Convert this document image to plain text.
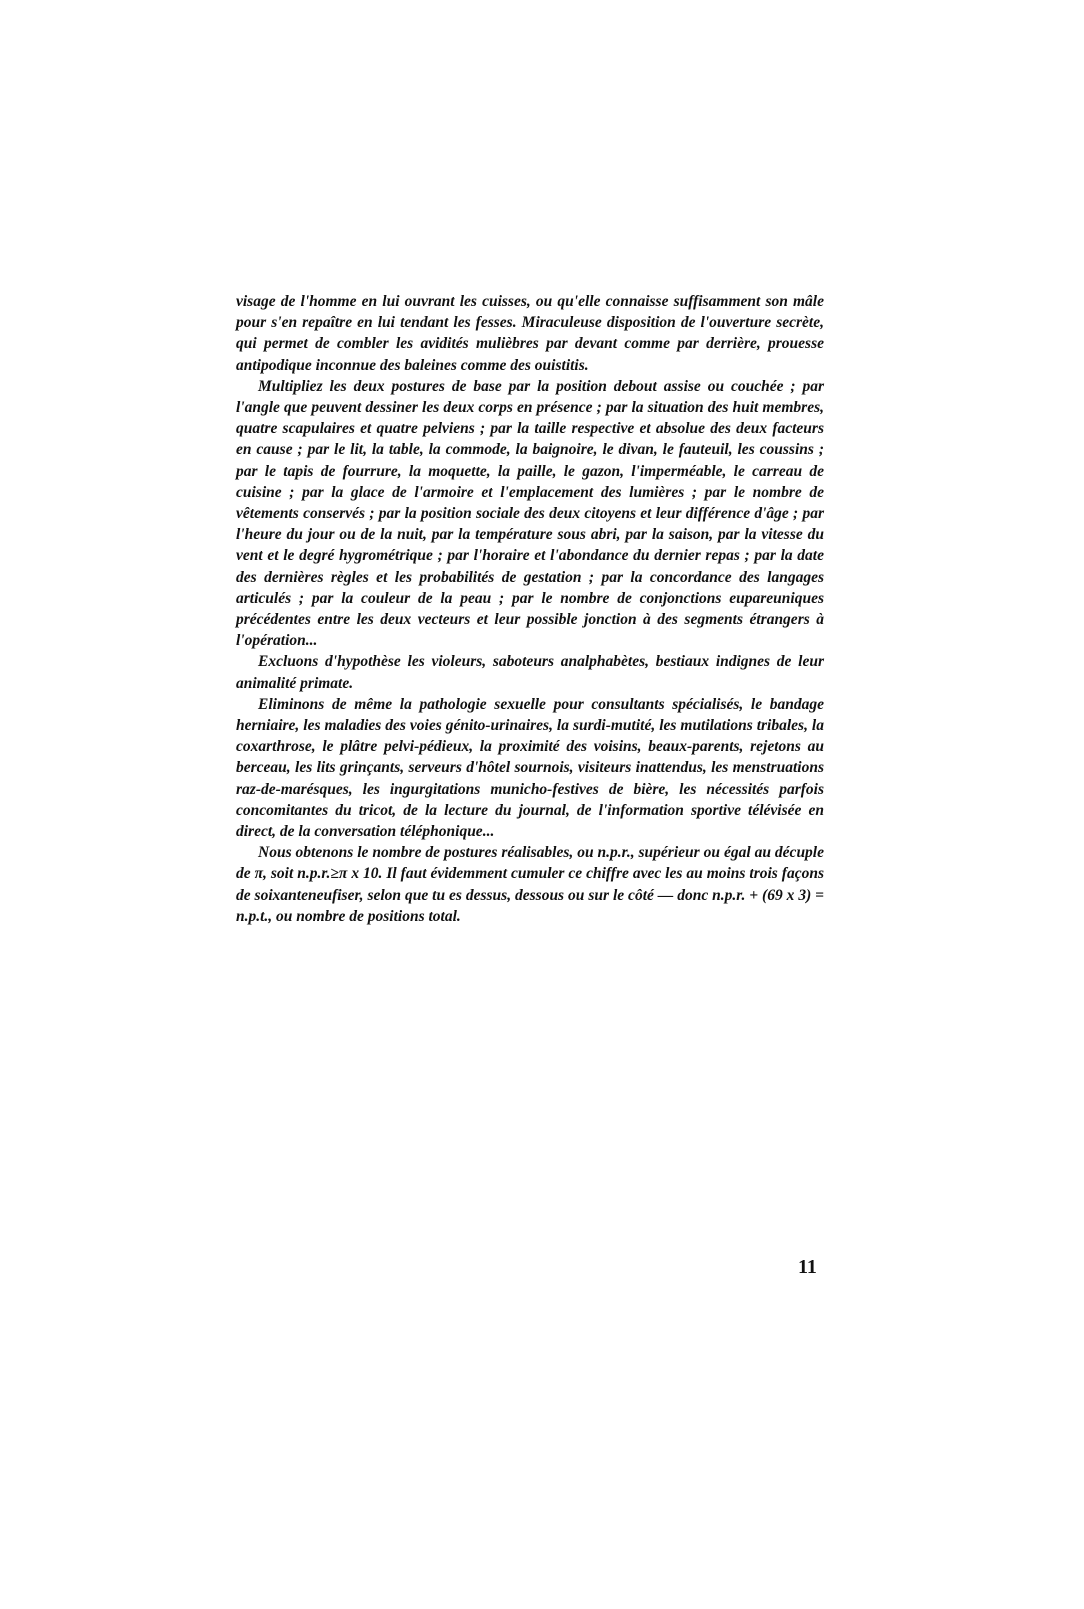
visage de l'homme en lui ouvrant les cuisses, ou qu'elle connaisse suffisamment son mâle pour s'en repaître en lui tendant les fesses. Miraculeuse disposition de l'ouverture secrète, qui permet de combler les avidités mulièbres par devant comme par derrière, prouesse antipodique inconnue des baleines comme des ouistitis.

Multipliez les deux postures de base par la position debout assise ou couchée ; par l'angle que peuvent dessiner les deux corps en présence ; par la situation des huit membres, quatre scapulaires et quatre pelviens ; par la taille respective et absolue des deux facteurs en cause ; par le lit, la table, la commode, la baignoire, le divan, le fauteuil, les coussins ; par le tapis de fourrure, la moquette, la paille, le gazon, l'imperméable, le carreau de cuisine ; par la glace de l'armoire et l'emplacement des lumières ; par le nombre de vêtements conservés ; par la position sociale des deux citoyens et leur différence d'âge ; par l'heure du jour ou de la nuit, par la température sous abri, par la saison, par la vitesse du vent et le degré hygrométrique ; par l'horaire et l'abondance du dernier repas ; par la date des dernières règles et les probabilités de gestation ; par la concordance des langages articulés ; par la couleur de la peau ; par le nombre de conjonctions eupareuniques précédentes entre les deux vecteurs et leur possible jonction à des segments étrangers à l'opération...

Excluons d'hypothèse les violeurs, saboteurs analphabètes, bestiaux indignes de leur animalité primate.

Eliminons de même la pathologie sexuelle pour consultants spécialisés, le bandage herniaire, les maladies des voies génito-urinaires, la surdi-mutité, les mutilations tribales, la coxarthrose, le plâtre pelvi-pédieux, la proximité des voisins, beaux-parents, rejetons au berceau, les lits grinçants, serveurs d'hôtel sournois, visiteurs inattendus, les menstruations raz-de-marésques, les ingurgitations municho-festives de bière, les nécessités parfois concomitantes du tricot, de la lecture du journal, de l'information sportive télévisée en direct, de la conversation téléphonique...

Nous obtenons le nombre de postures réalisables, ou n.p.r., supérieur ou égal au décuple de π, soit n.p.r.≥π x 10. Il faut évidemment cumuler ce chiffre avec les au moins trois façons de soixanteneufiser, selon que tu es dessus, dessous ou sur le côté — donc n.p.r. + (69 x 3) = n.p.t., ou nombre de positions total.

11
